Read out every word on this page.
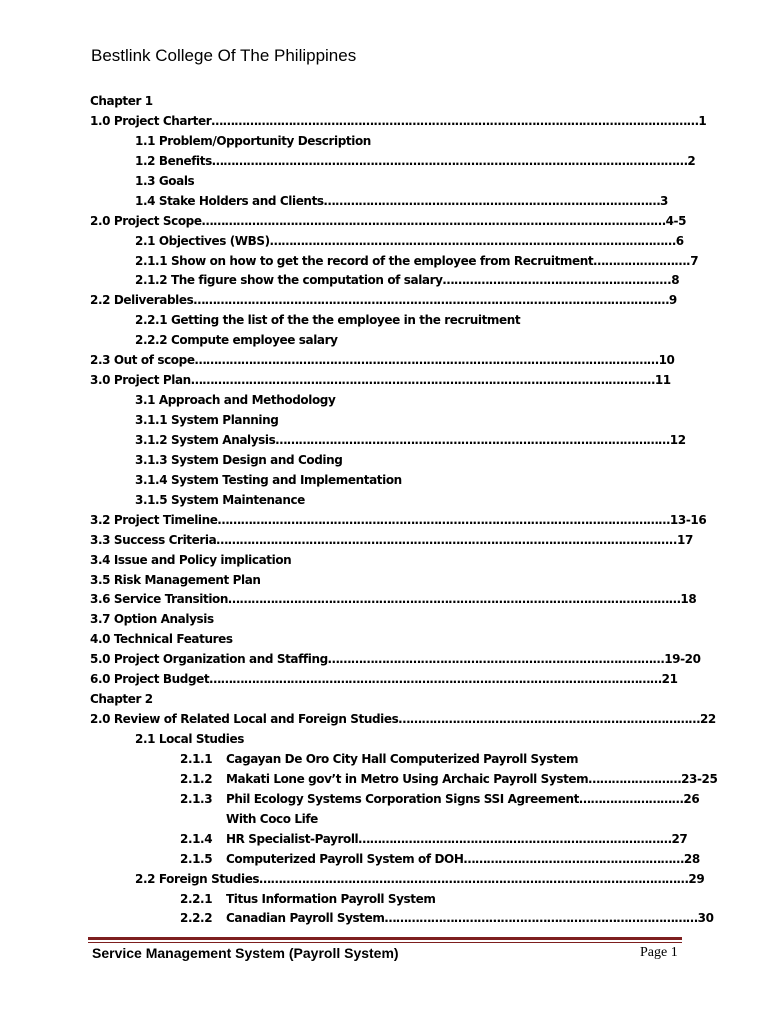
Bestlink College Of The Philippines
Chapter 1
1.0 Project Charter………………………………………………………………………………………………………………1
1.1 Problem/Opportunity Description
1.2 Benefits……………………………………………………………………………………………………………2
1.3 Goals
1.4 Stake Holders and Clients……………………………………………………………………………3
2.0 Project Scope…………………………………………………………………………………………………………4-5
2.1 Objectives (WBS)……………………………………………………………………………………………6
2.1.1 Show on how to get the record of the employee from Recruitment…………………….7
2.1.2 The figure show the computation of salary…………………………………………………..8
2.2 Deliverables……………………………………………………………………………………………………………9
2.2.1 Getting the list of the the employee in the recruitment
2.2.2 Compute employee salary
2.3 Out of scope…………………………………………………………………………………………………………10
3.0 Project Plan…………………………………………………………………………………………………………11
3.1 Approach and Methodology
3.1.1 System Planning
3.1.2 System Analysis…………………………………………………………………………………………12
3.1.3 System Design and Coding
3.1.4 System Testing and Implementation
3.1.5 System Maintenance
3.2 Project Timeline………………………………………………………………………………………………………13-16
3.3 Success Criteria………………………………………………………………………………………………………..17
3.4 Issue and Policy implication
3.5 Risk Management Plan
3.6 Service Transition………………………………………………………………………………………………………18
3.7 Option Analysis
4.0 Technical Features
5.0 Project Organization and Staffing……………………………………………………………………………19-20
6.0 Project Budget………………………………………………………………………………………………………21
Chapter 2
2.0 Review of Related Local and Foreign Studies……………………………………………………………………22
2.1 Local Studies
2.1.1 Cagayan De Oro City Hall Computerized Payroll System
2.1.2 Makati Lone gov’t in Metro Using Archaic Payroll System……………………23-25
2.1.3 Phil Ecology Systems Corporation Signs SSI Agreement………………………26
With Coco Life
2.1.4 HR Specialist-Payroll………………………………………………………………………27
2.1.5 Computerized Payroll System of DOH…………………………………………………28
2.2 Foreign Studies…………………………………………………………………………………………………29
2.2.1 Titus Information Payroll System
2.2.2 Canadian Payroll System………………………………………………………………………30
Service Management System (Payroll System)	Page 1
